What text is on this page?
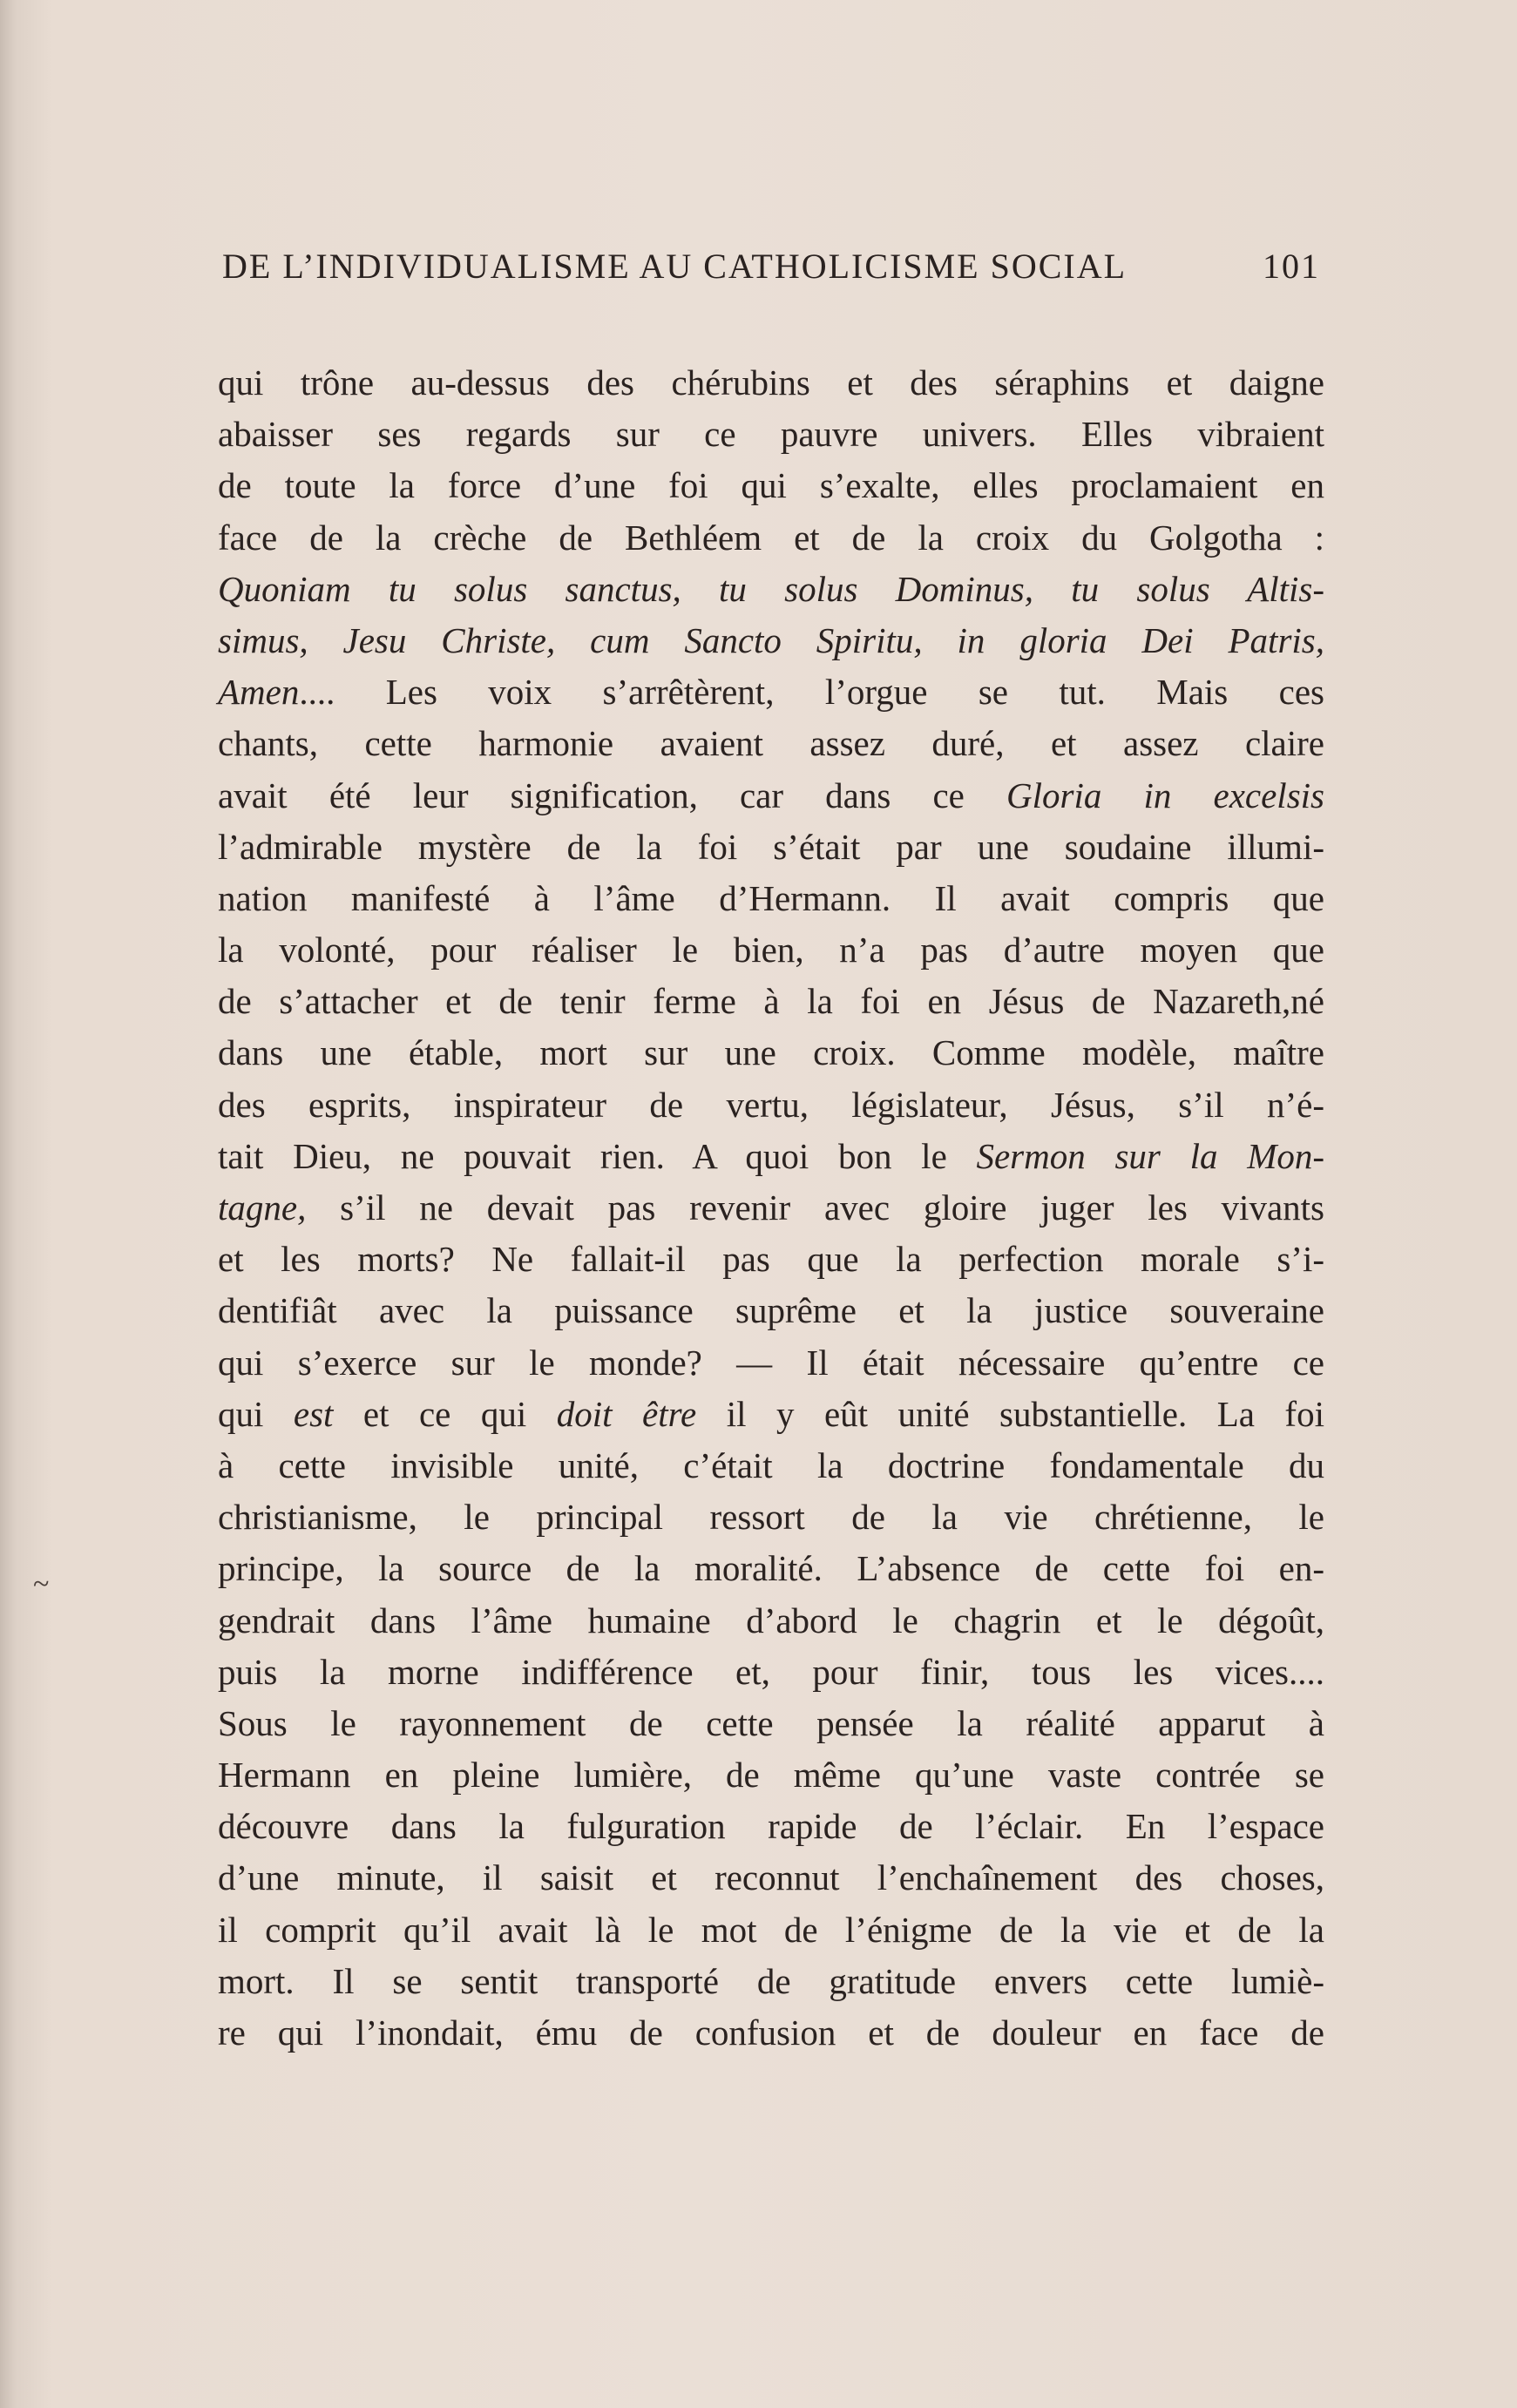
DE L’INDIVIDUALISME AU CATHOLICISME SOCIAL	101
qui trône au-dessus des chérubins et des séraphins et daigne
abaisser ses regards sur ce pauvre univers. Elles vibraient
de toute la force d’une foi qui s’exalte, elles proclamaient en
face de la crèche de Bethléem et de la croix du Golgotha :
Quoniam tu solus sanctus, tu solus Dominus, tu solus Altis-
simus, Jesu Christe, cum Sancto Spiritu, in gloria Dei Patris,
Amen.... Les voix s’arrêtèrent, l’orgue se tut. Mais ces
chants, cette harmonie avaient assez duré, et assez claire
avait été leur signification, car dans ce Gloria in excelsis
l’admirable mystère de la foi s’était par une soudaine illumi-
nation manifesté à l’âme d’Hermann. Il avait compris que
la volonté, pour réaliser le bien, n’a pas d’autre moyen que
de s’attacher et de tenir ferme à la foi en Jésus de Nazareth,né
dans une étable, mort sur une croix. Comme modèle, maître
des esprits, inspirateur de vertu, législateur, Jésus, s’il n’é-
tait Dieu, ne pouvait rien. A quoi bon le Sermon sur la Mon-
tagne, s’il ne devait pas revenir avec gloire juger les vivants
et les morts? Ne fallait-il pas que la perfection morale s’i-
dentifiât avec la puissance suprême et la justice souveraine
qui s’exerce sur le monde? — Il était nécessaire qu’entre ce
qui est et ce qui doit être il y eût unité substantielle. La foi
à cette invisible unité, c’était la doctrine fondamentale du
christianisme, le principal ressort de la vie chrétienne, le
principe, la source de la moralité. L’absence de cette foi en-
gendrait dans l’âme humaine d’abord le chagrin et le dégoût,
puis la morne indifférence et, pour finir, tous les vices....
Sous le rayonnement de cette pensée la réalité apparut à
Hermann en pleine lumière, de même qu’une vaste contrée se
découvre dans la fulguration rapide de l’éclair. En l’espace
d’une minute, il saisit et reconnut l’enchaînement des choses,
il comprit qu’il avait là le mot de l’énigme de la vie et de la
mort. Il se sentit transporté de gratitude envers cette lumiè-
re qui l’inondait, ému de confusion et de douleur en face de
~
